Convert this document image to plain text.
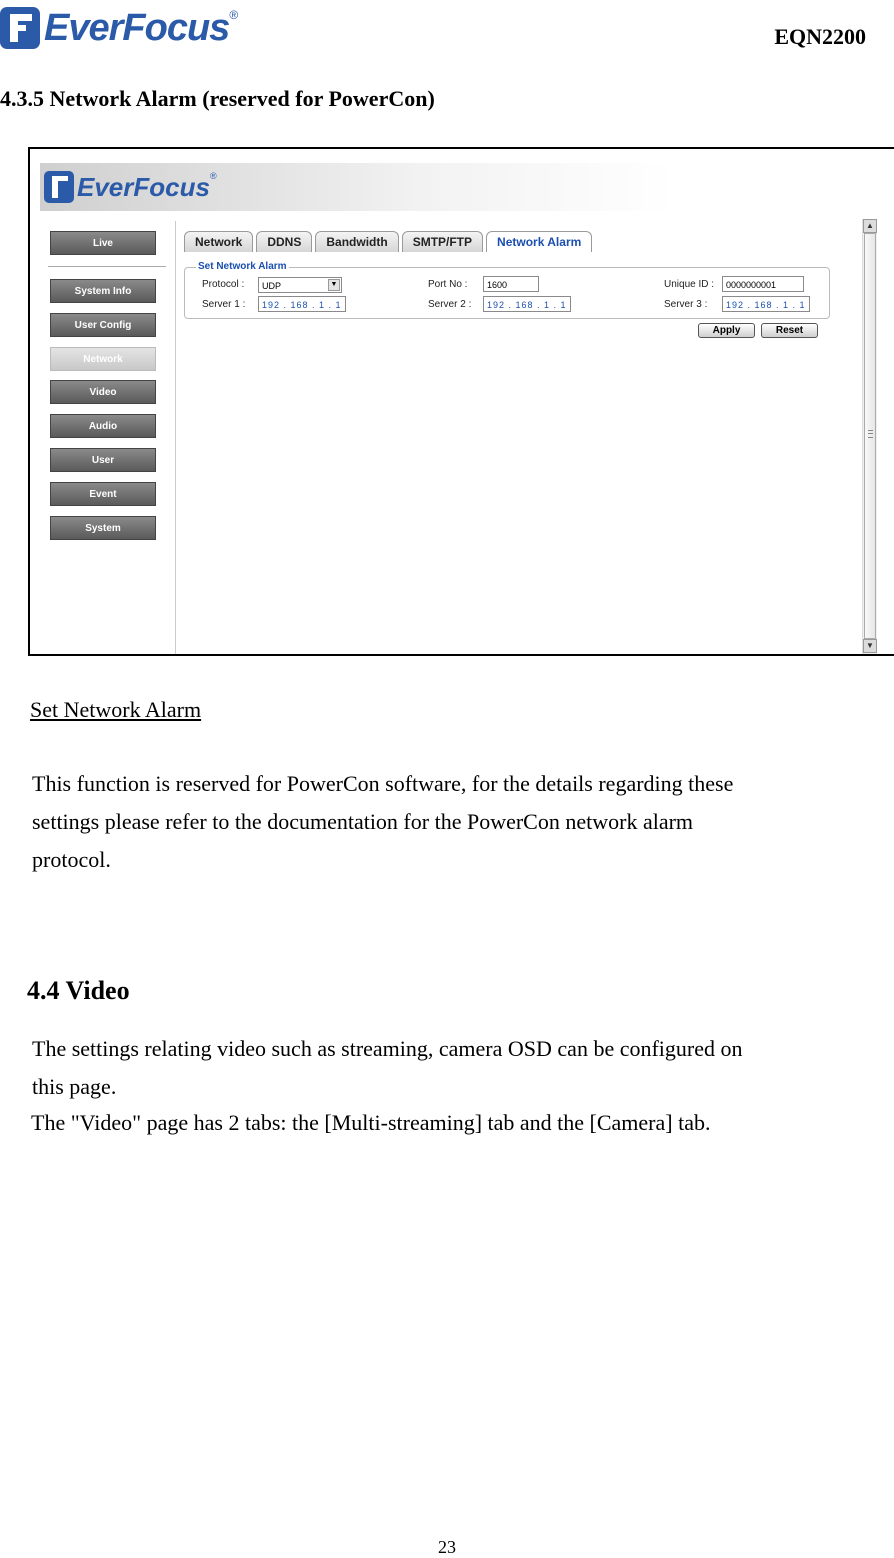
EverFocus ®
EQN2200
4.3.5 Network Alarm (reserved for PowerCon)
EverFocus ®
Live
System Info
User Config
Network
Video
Audio
User
Event
System
Network	DDNS	Bandwidth	SMTP/FTP	Network Alarm
Set Network Alarm
Protocol :	UDP	▼	Port No :	1600	Unique ID :	0000000001
Server 1 :	192 . 168 . 1 . 1	Server 2 :	192 . 168 . 1 . 1	Server 3 :	192 . 168 . 1 . 1
Apply	Reset
▲
▼
Set Network Alarm
This function is reserved for PowerCon software, for the details regarding these
settings please refer to the documentation for the PowerCon network alarm
protocol.
4.4 Video
The settings relating video such as streaming, camera OSD can be configured on
this page.
The "Video" page has 2 tabs: the [Multi-streaming] tab and the [Camera] tab.
23
